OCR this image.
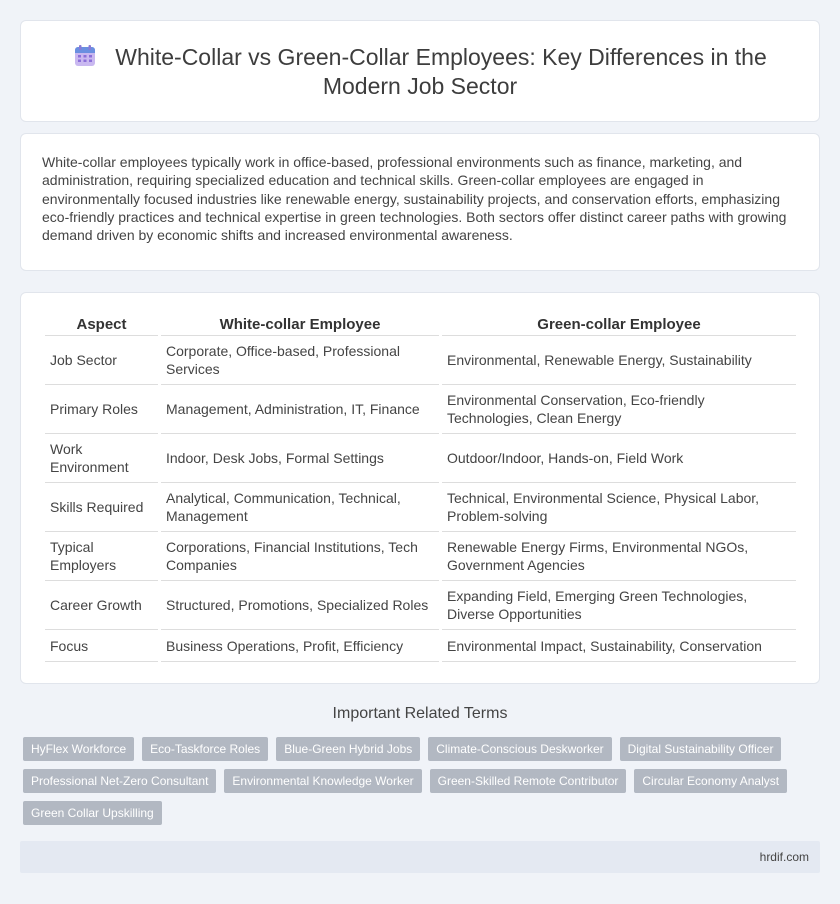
White-Collar vs Green-Collar Employees: Key Differences in the Modern Job Sector

White-collar employees typically work in office-based, professional environments such as finance, marketing, and administration, requiring specialized education and technical skills. Green-collar employees are engaged in environmentally focused industries like renewable energy, sustainability projects, and conservation efforts, emphasizing eco-friendly practices and technical expertise in green technologies. Both sectors offer distinct career paths with growing demand driven by economic shifts and increased environmental awareness.

Aspect	White-collar Employee	Green-collar Employee
Job Sector	Corporate, Office-based, Professional Services	Environmental, Renewable Energy, Sustainability
Primary Roles	Management, Administration, IT, Finance	Environmental Conservation, Eco-friendly Technologies, Clean Energy
Work Environment	Indoor, Desk Jobs, Formal Settings	Outdoor/Indoor, Hands-on, Field Work
Skills Required	Analytical, Communication, Technical, Management	Technical, Environmental Science, Physical Labor, Problem-solving
Typical Employers	Corporations, Financial Institutions, Tech Companies	Renewable Energy Firms, Environmental NGOs, Government Agencies
Career Growth	Structured, Promotions, Specialized Roles	Expanding Field, Emerging Green Technologies, Diverse Opportunities
Focus	Business Operations, Profit, Efficiency	Environmental Impact, Sustainability, Conservation
Important Related Terms
HyFlex Workforce	Eco-Taskforce Roles	Blue-Green Hybrid Jobs	Climate-Conscious Deskworker	Digital Sustainability Officer
Professional Net-Zero Consultant	Environmental Knowledge Worker	Green-Skilled Remote Contributor	Circular Economy Analyst
Green Collar Upskilling
hrdif.com
